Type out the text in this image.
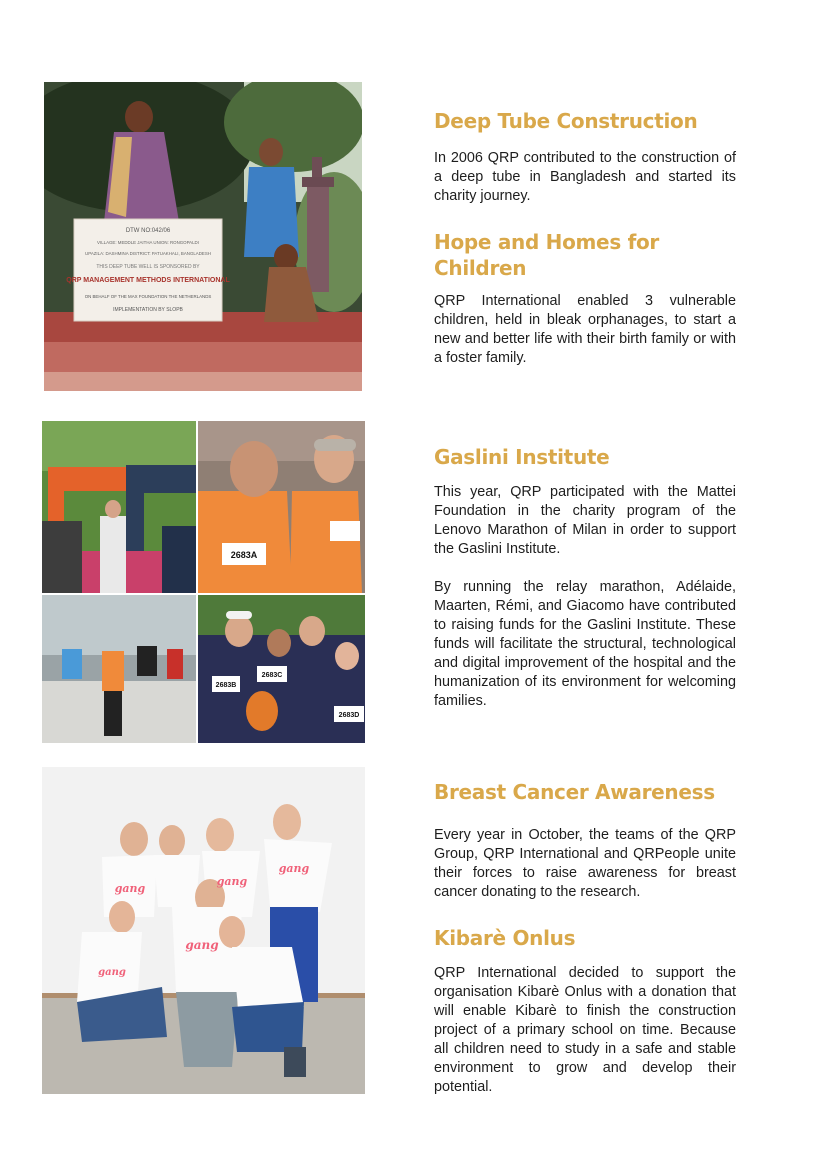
DTW NO:042/06
VILLAGE: MEDDLE JAITHA UNION: RONGOPALDI
UPAZILA: DASHMINA DISTRICT: PATUAKHALI, BANGLADESH
THIS DEEP TUBE WELL IS SPONSORED BY
QRP MANAGEMENT METHODS INTERNATIONAL
ON BEHALF OF THE MAX FOUNDATION THE NETHERLANDS
IMPLEMENTATION BY SLOPB
2683A
2683B
2683C
2683D
gang
gang
gang
gang
gang
Deep Tube Construction

In 2006 QRP contributed to the construction of a deep tube in Bangladesh and started its charity journey.

Hope and Homes for Children

QRP International enabled 3 vulnerable children, held in bleak orphanages, to start a new and better life with their birth family or with a foster family.

Gaslini Institute

This year, QRP participated with the Mattei Foundation in the charity program of the Lenovo Marathon of Milan in order to support the Gaslini Institute.

By running the relay marathon, Adélaide, Maarten, Rémi, and Giacomo have contributed to raising funds for the Gaslini Institute. These funds will facilitate the structural, technological and digital improvement of the hospital and the humanization of its environment for welcoming families.

Breast Cancer Awareness

Every year in October, the teams of the QRP Group, QRP International and QRPeople unite their forces to raise awareness for breast cancer donating to the research.

Kibarè Onlus

QRP International decided to support the organisation Kibarè Onlus with a donation that will enable Kibarè to finish the construction project of a primary school on time. Because all children need to study in a safe and stable environment to grow and develop their potential.
